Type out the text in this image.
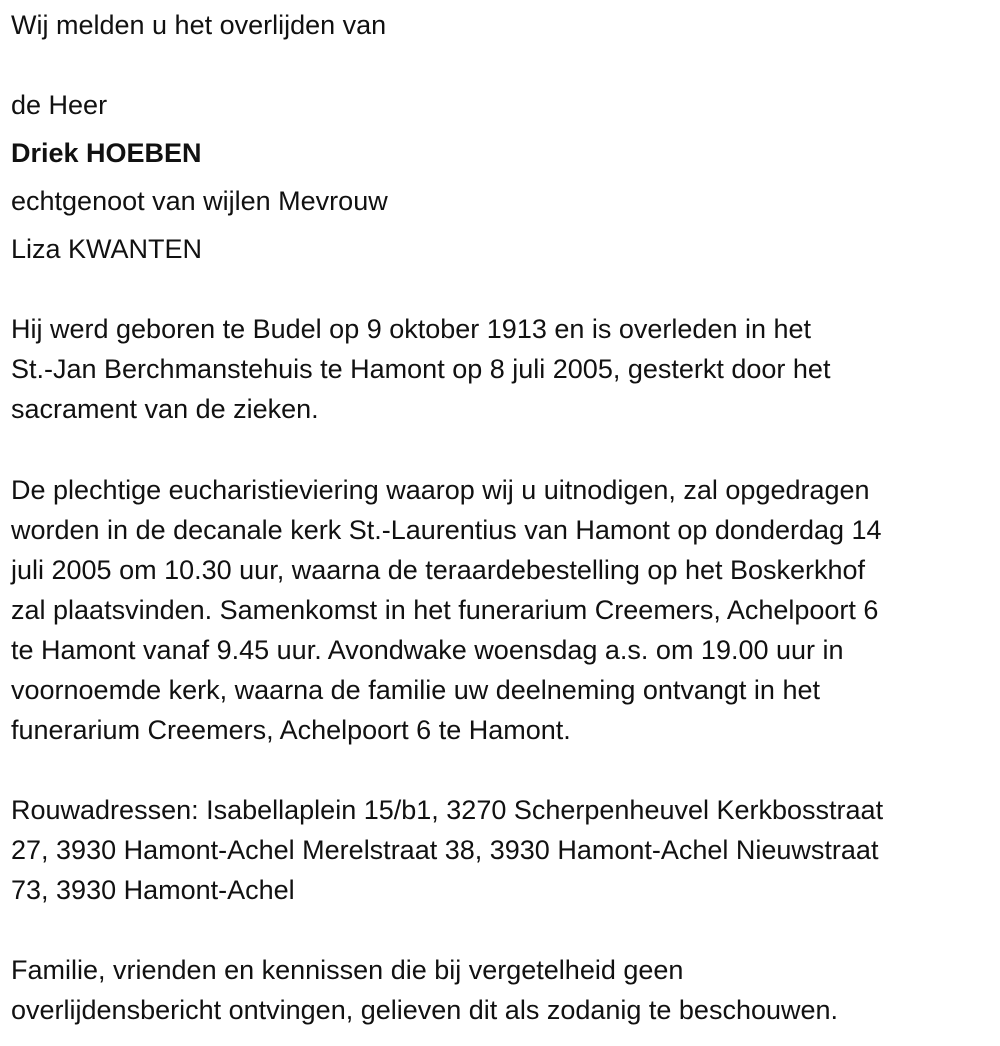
Wij melden u het overlijden van
de Heer
Driek HOEBEN
echtgenoot van wijlen Mevrouw
Liza KWANTEN
Hij werd geboren te Budel op 9 oktober 1913 en is overleden in het
St.-Jan Berchmanstehuis te Hamont op 8 juli 2005, gesterkt door het
sacrament van de zieken.
De plechtige eucharistieviering waarop wij u uitnodigen, zal opgedragen
worden in de decanale kerk St.-Laurentius van Hamont op donderdag 14
juli 2005 om 10.30 uur, waarna de teraardebestelling op het Boskerkhof
zal plaatsvinden. Samenkomst in het funerarium Creemers, Achelpoort 6
te Hamont vanaf 9.45 uur. Avondwake woensdag a.s. om 19.00 uur in
voornoemde kerk, waarna de familie uw deelneming ontvangt in het
funerarium Creemers, Achelpoort 6 te Hamont.
Rouwadressen: Isabellaplein 15/b1, 3270 Scherpenheuvel Kerkbosstraat
27, 3930 Hamont-Achel Merelstraat 38, 3930 Hamont-Achel Nieuwstraat
73, 3930 Hamont-Achel
Familie, vrienden en kennissen die bij vergetelheid geen
overlijdensbericht ontvingen, gelieven dit als zodanig te beschouwen.
